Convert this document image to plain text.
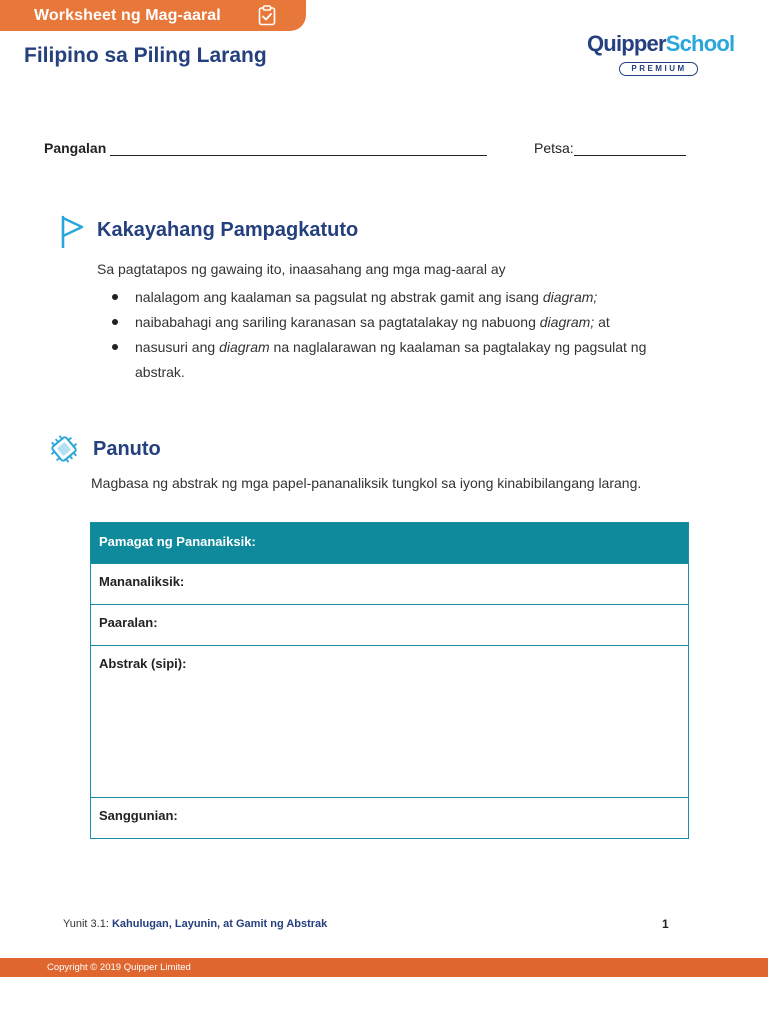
Worksheet ng Mag-aaral
Filipino sa Piling Larang	QuipperSchool
PREMIUM
Pangalan	Petsa:
Kakayahang Pampagkatuto
Sa pagtatapos ng gawaing ito, inaasahang ang mga mag-aaral ay
nalalagom ang kaalaman sa pagsulat ng abstrak gamit ang isang diagram;
naibabahagi ang sariling karanasan sa pagtatalakay ng nabuong diagram; at
nasusuri ang diagram na naglalarawan ng kaalaman sa pagtalakay ng pagsulat ng abstrak.
Panuto
Magbasa ng abstrak ng mga papel-pananaliksik tungkol sa iyong kinabibilangang larang.
Pamagat ng Pananaiksik:
Mananaliksik:
Paaralan:
Abstrak (sipi):
Sanggunian:
Yunit 3.1: Kahulugan, Layunin, at Gamit ng Abstrak	1
Copyright © 2019 Quipper Limited
